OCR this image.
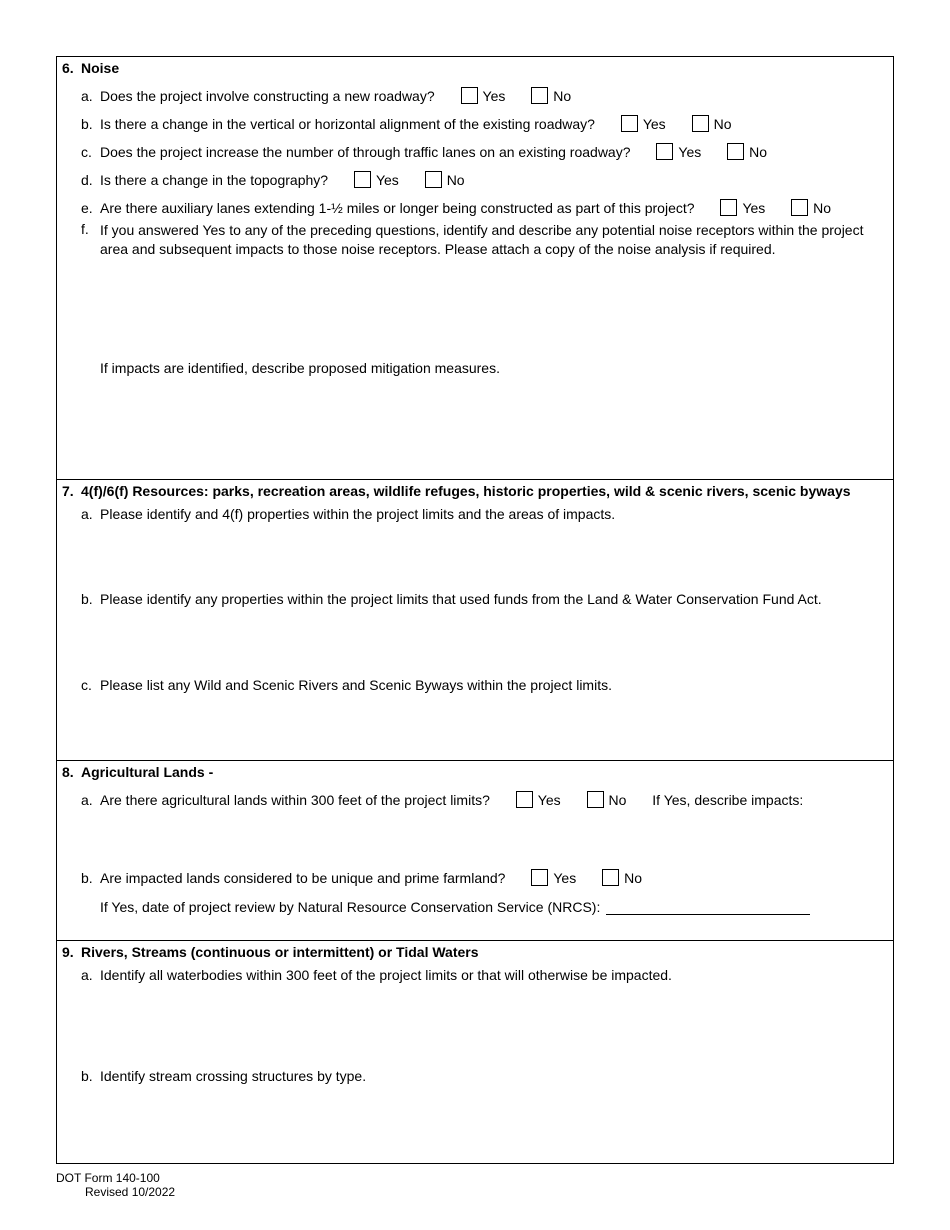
6. Noise
a. Does the project involve constructing a new roadway?	Yes	No
b. Is there a change in the vertical or horizontal alignment of the existing roadway?	Yes	No
c. Does the project increase the number of through traffic lanes on an existing roadway?	Yes	No
d. Is there a change in the topography?	Yes	No
e. Are there auxiliary lanes extending 1-½ miles or longer being constructed as part of this project?	Yes	No
f. If you answered Yes to any of the preceding questions, identify and describe any potential noise receptors within the project area and subsequent impacts to those noise receptors. Please attach a copy of the noise analysis if required.
If impacts are identified, describe proposed mitigation measures.
7. 4(f)/6(f) Resources: parks, recreation areas, wildlife refuges, historic properties, wild & scenic rivers, scenic byways
a. Please identify and 4(f) properties within the project limits and the areas of impacts.
b. Please identify any properties within the project limits that used funds from the Land & Water Conservation Fund Act.
c. Please list any Wild and Scenic Rivers and Scenic Byways within the project limits.
8. Agricultural Lands -
a. Are there agricultural lands within 300 feet of the project limits?	Yes	No If Yes, describe impacts:
b. Are impacted lands considered to be unique and prime farmland?	Yes	No
If Yes, date of project review by Natural Resource Conservation Service (NRCS):
9. Rivers, Streams (continuous or intermittent) or Tidal Waters
a. Identify all waterbodies within 300 feet of the project limits or that will otherwise be impacted.
b. Identify stream crossing structures by type.
DOT Form 140-100
Revised 10/2022
